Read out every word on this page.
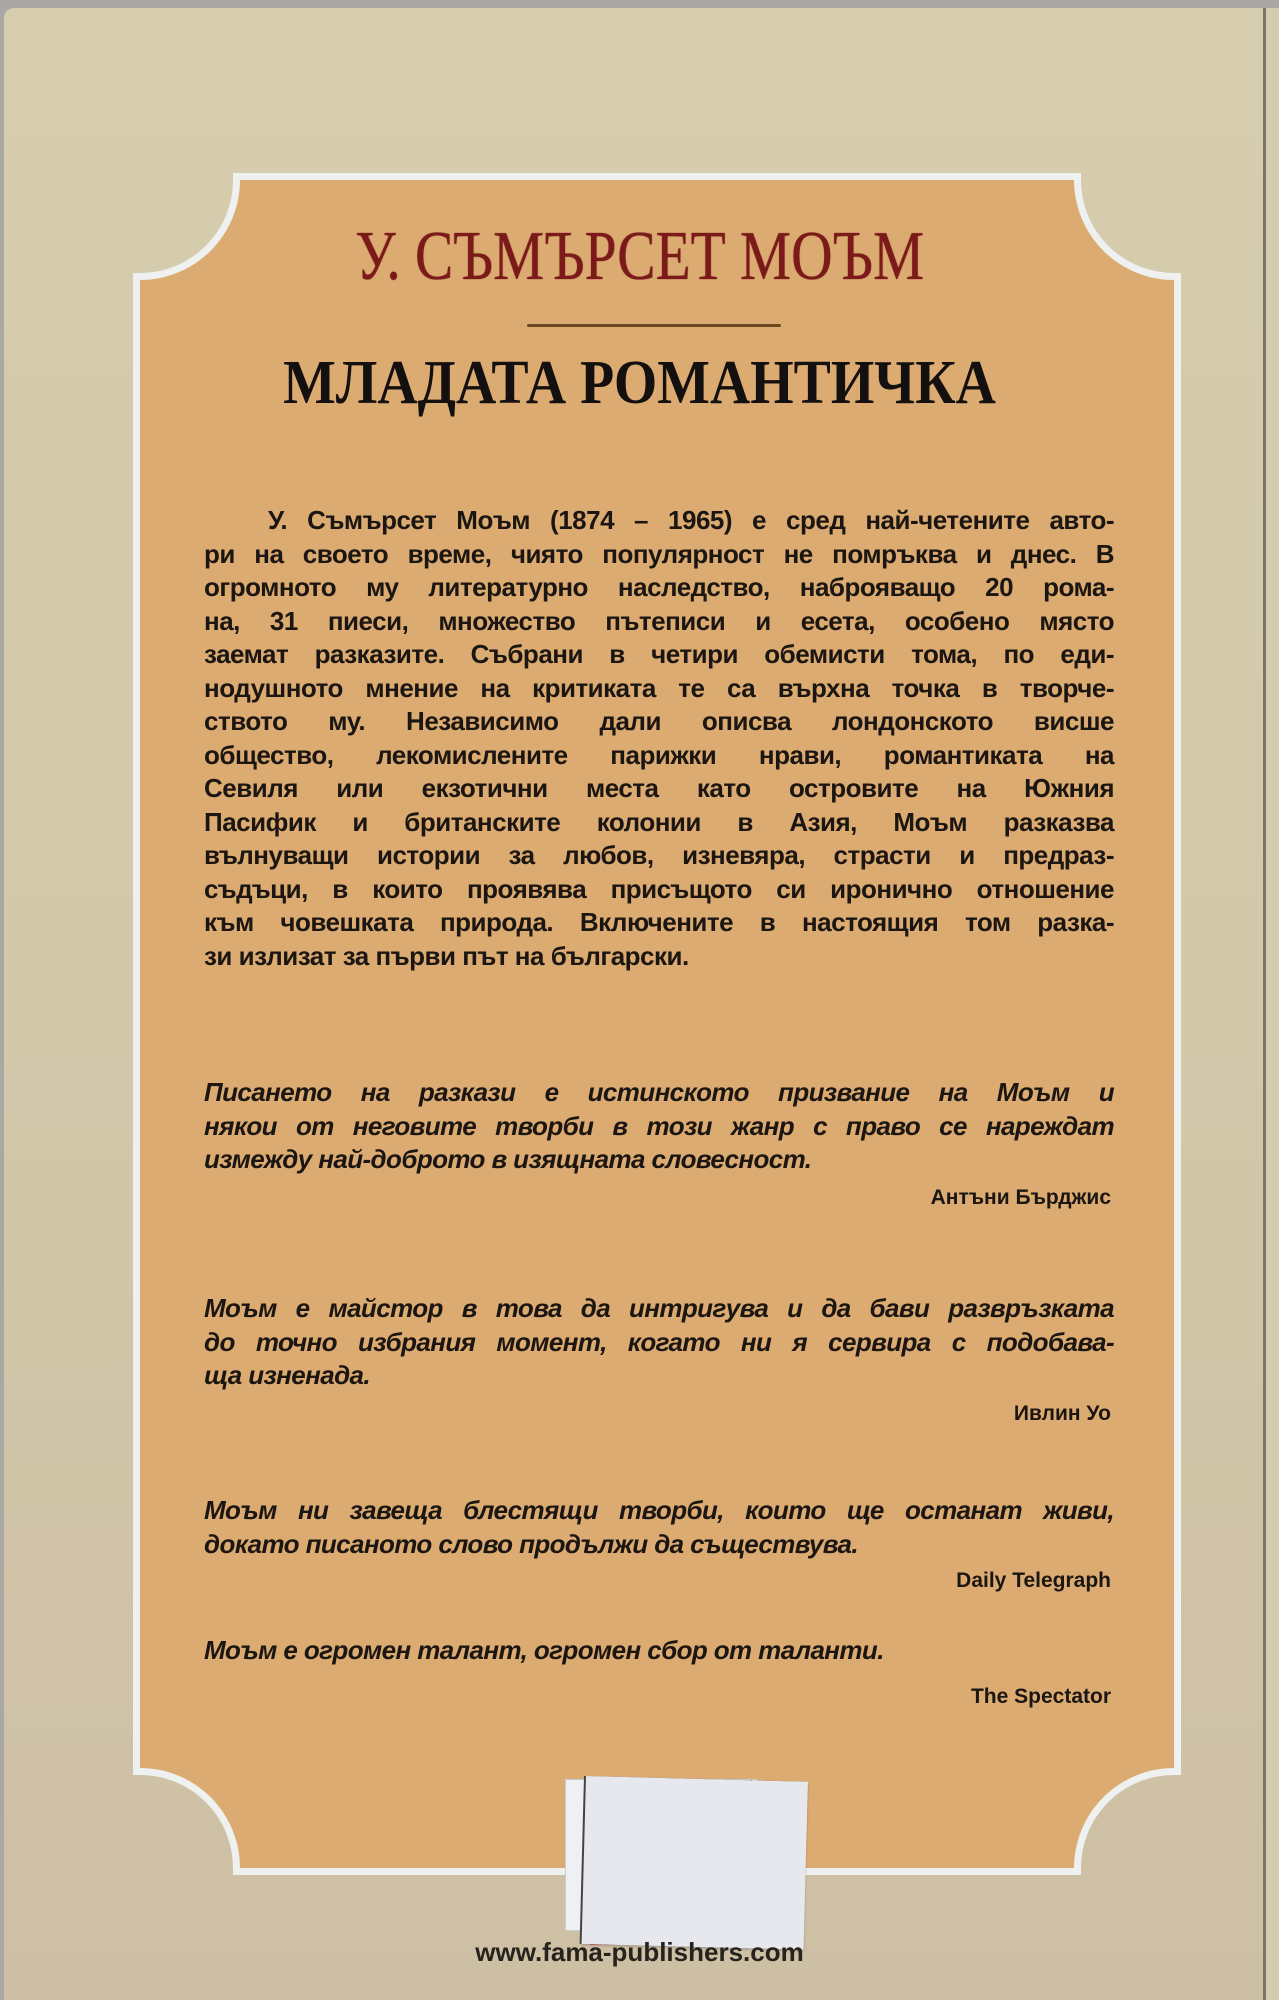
У. СЪМЪРСЕТ МОЪМ
МЛАДАТА РОМАНТИЧКА
У. Съмърсет Моъм (1874 – 1965) е сред най-четените авто-
ри на своето време, чиято популярност не помръква и днес. В
огромното му литературно наследство, наброяващо 20 рома-
на, 31 пиеси, множество пътеписи и есета, особено място
заемат разказите. Събрани в четири обемисти тома, по еди-
нодушното мнение на критиката те са върхна точка в творче-
ството му. Независимо дали описва лондонското висше
общество, лекомислените парижки нрави, романтиката на
Севиля или екзотични места като островите на Южния
Пасифик и британските колонии в Азия, Моъм разказва
вълнуващи истории за любов, изневяра, страсти и предраз-
съдъци, в които проявява присъщото си иронично отношение
към човешката природа. Включените в настоящия том разка-
зи излизат за първи път на български.
Писането на разкази е истинското призвание на Моъм и
някои от неговите творби в този жанр с право се нареждат
измежду най-доброто в изящната словесност.
Антъни Бърджис
Моъм е майстор в това да интригува и да бави развръзката
до точно избрания момент, когато ни я сервира с подобава-
ща изненада.
Ивлин Уо
Моъм ни завеща блестящи творби, които ще останат живи,
докато писаното слово продължи да съществува.
Daily Telegraph
Моъм е огромен талант, огромен сбор от таланти.
The Spectator
www.fama-publishers.com
